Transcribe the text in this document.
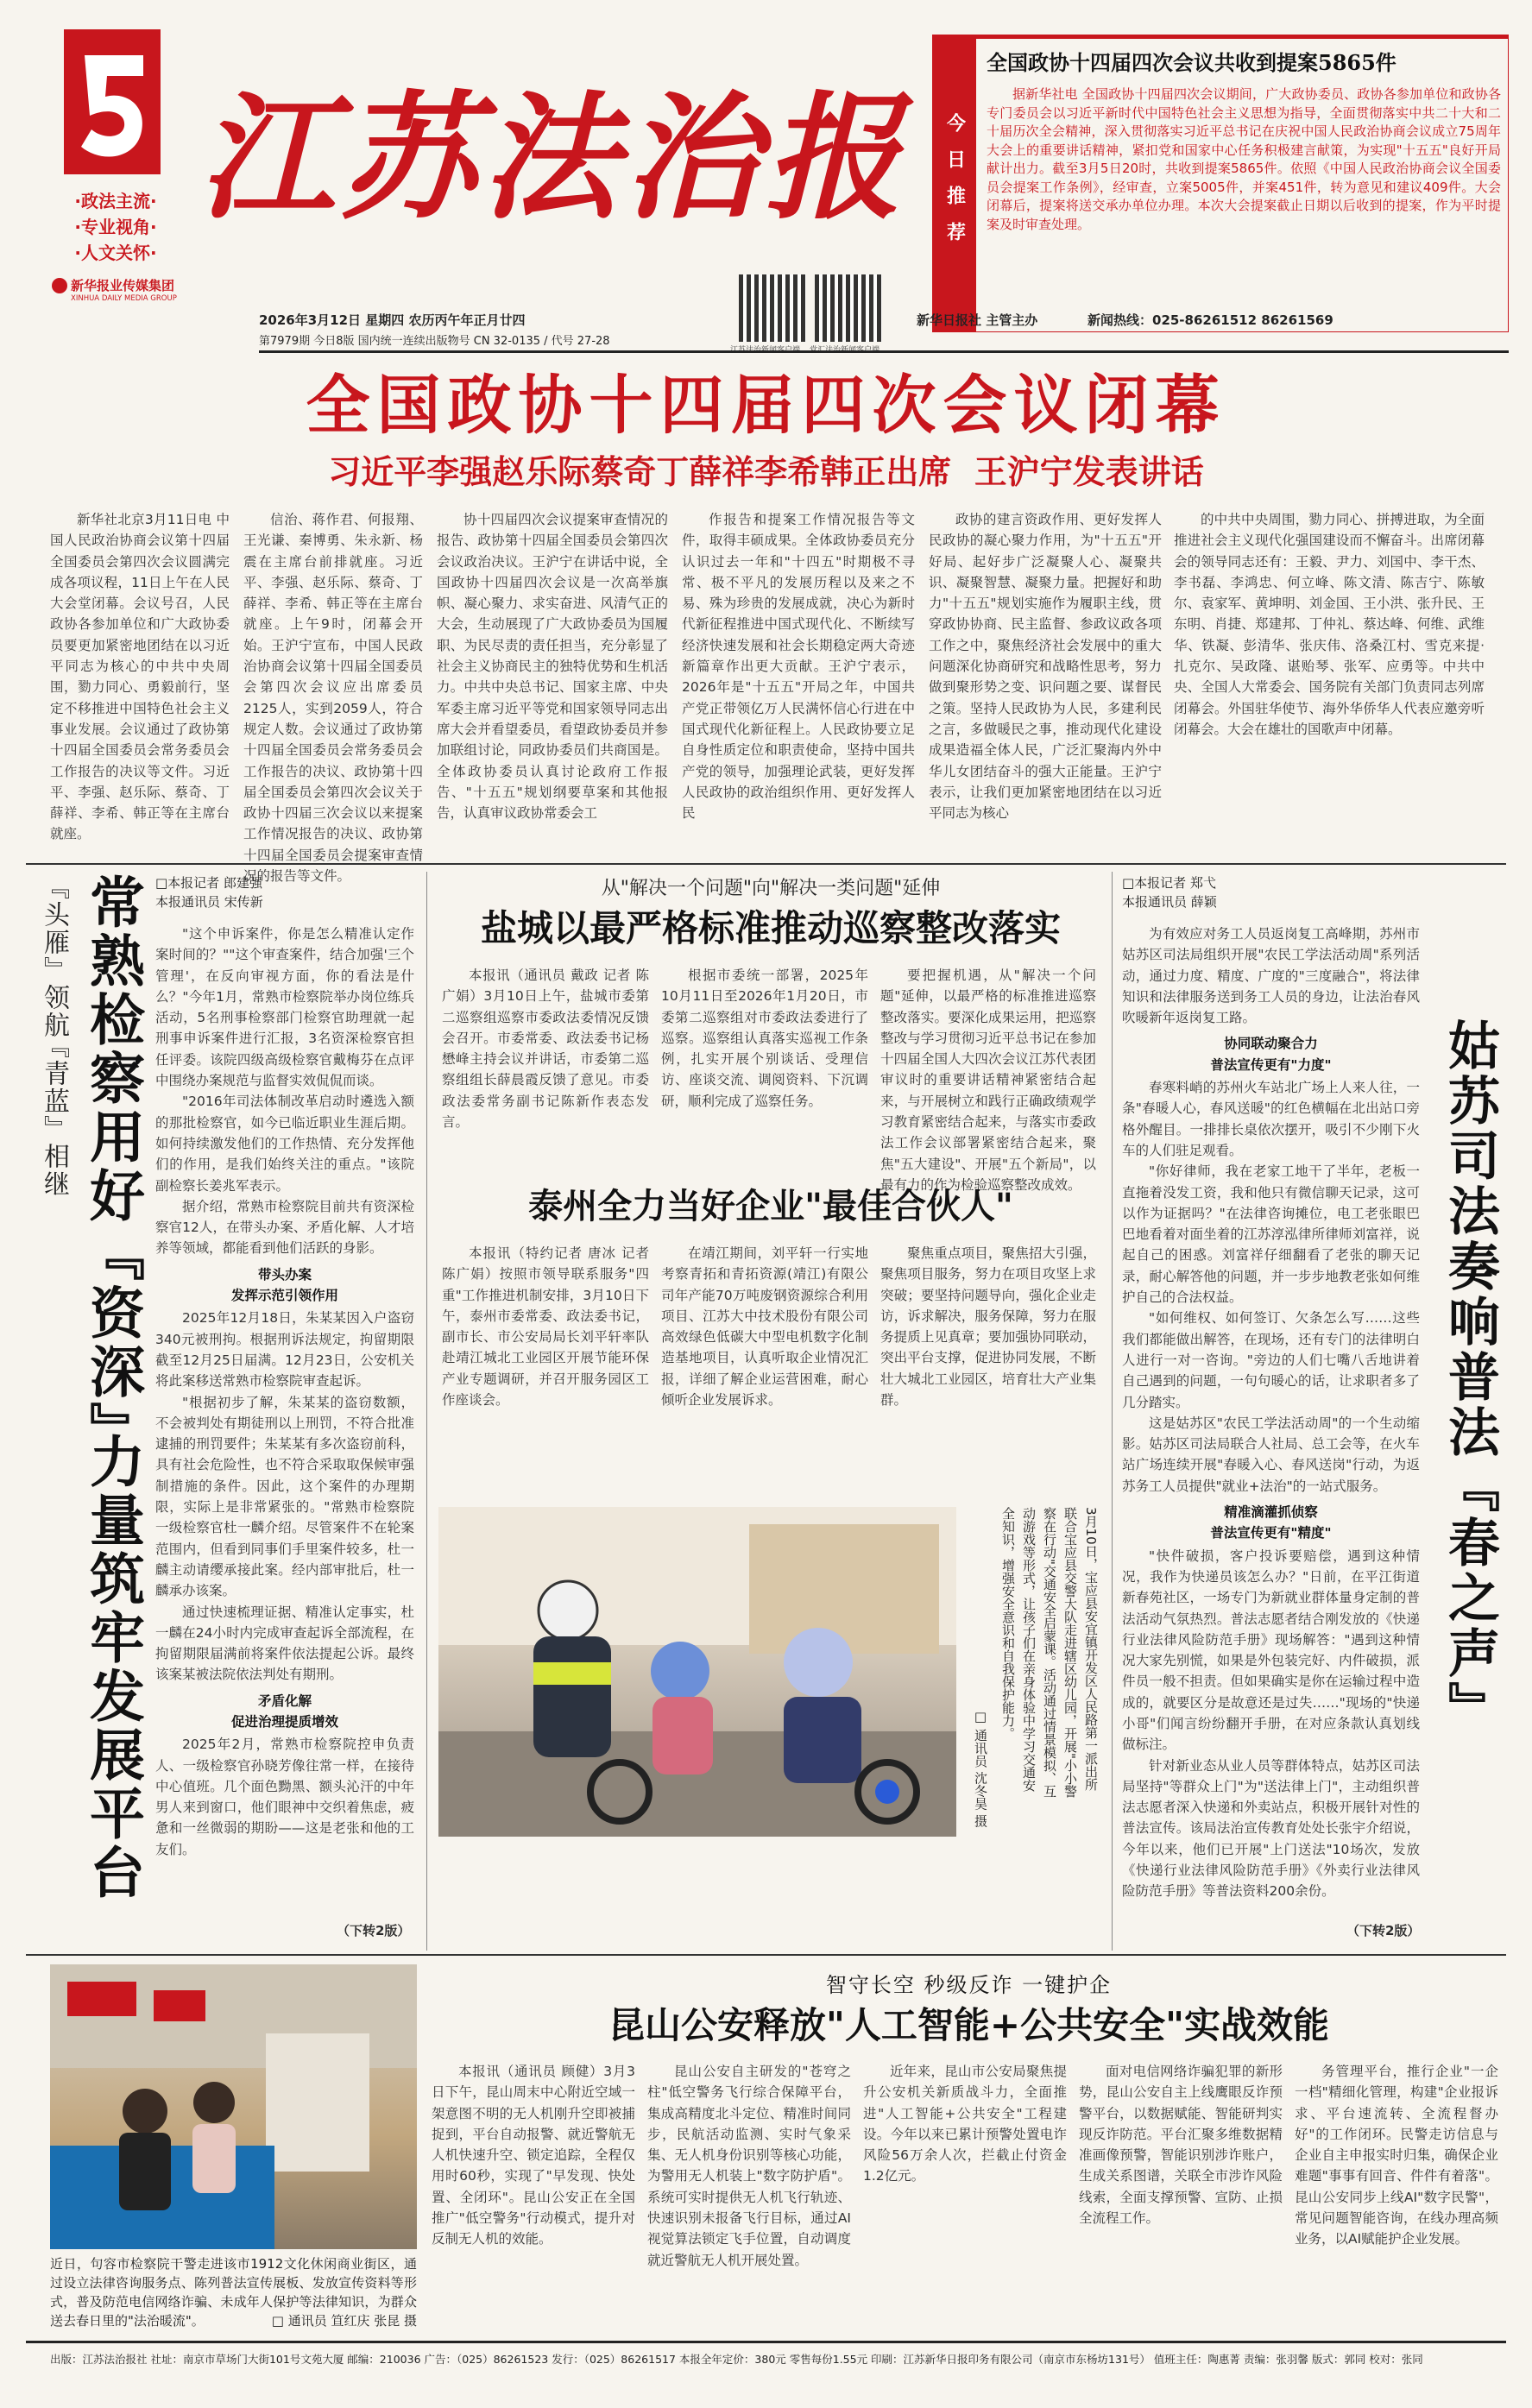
·政法主流·
·专业视角·
·人文关怀·
江苏法治报
新华报业传媒集团
XINHUA DAILY MEDIA GROUP
今日推荐
全国政协十四届四次会议共收到提案5865件
据新华社电 全国政协十四届四次会议期间，广大政协委员、政协各参加单位和政协各专门委员会以习近平新时代中国特色社会主义思想为指导，全面贯彻落实中共二十大和二十届历次全会精神，深入贯彻落实习近平总书记在庆祝中国人民政治协商会议成立75周年大会上的重要讲话精神，紧扣党和国家中心任务积极建言献策，为实现"十五五"良好开局献计出力。截至3月5日20时，共收到提案5865件。依照《中国人民政治协商会议全国委员会提案工作条例》，经审查，立案5005件，并案451件，转为意见和建议409件。大会闭幕后，提案将送交承办单位办理。本次大会提案截止日期以后收到的提案，作为平时提案及时审查处理。
2026年3月12日 星期四 农历丙午年正月廿四	新华日报社 主管主办	新闻热线：025-86261512 86261569
第7979期 今日8版 国内统一连续出版物号 CN 32-0135 / 代号 27-28
全国政协十四届四次会议闭幕
习近平李强赵乐际蔡奇丁薛祥李希韩正出席  王沪宁发表讲话

新华社北京3月11日电 中国人民政治协商会议第十四届全国委员会第四次会议圆满完成各项议程，11日上午在人民大会堂闭幕。会议号召，人民政协各参加单位和广大政协委员要更加紧密地团结在以习近平同志为核心的中共中央周围，勠力同心、勇毅前行，坚定不移推进中国特色社会主义事业发展。会议通过了政协第十四届全国委员会常务委员会工作报告的决议等文件。习近平、李强、赵乐际、蔡奇、丁薛祥、李希、韩正等在主席台就座。

信治、蒋作君、何报翔、王光谦、秦博勇、朱永新、杨震在主席台前排就座。习近平、李强、赵乐际、蔡奇、丁薛祥、李希、韩正等在主席台就座。上午9时，闭幕会开始。王沪宁宣布，中国人民政治协商会议第十四届全国委员会第四次会议应出席委员2125人，实到2059人，符合规定人数。会议通过了政协第十四届全国委员会常务委员会工作报告的决议、政协第十四届全国委员会第四次会议关于政协十四届三次会议以来提案工作情况报告的决议、政协第十四届全国委员会提案审查情况的报告等文件。

协十四届四次会议提案审查情况的报告、政协第十四届全国委员会第四次会议政治决议。王沪宁在讲话中说，全国政协十四届四次会议是一次高举旗帜、凝心聚力、求实奋进、风清气正的大会，生动展现了广大政协委员为国履职、为民尽责的责任担当，充分彰显了社会主义协商民主的独特优势和生机活力。中共中央总书记、国家主席、中央军委主席习近平等党和国家领导同志出席大会并看望委员，看望政协委员并参加联组讨论，同政协委员们共商国是。全体政协委员认真讨论政府工作报告、"十五五"规划纲要草案和其他报告，认真审议政协常委会工

作报告和提案工作情况报告等文件，取得丰硕成果。全体政协委员充分认识过去一年和"十四五"时期极不寻常、极不平凡的发展历程以及来之不易、殊为珍贵的发展成就，决心为新时代新征程推进中国式现代化、不断续写经济快速发展和社会长期稳定两大奇迹新篇章作出更大贡献。王沪宁表示，2026年是"十五五"开局之年，中国共产党正带领亿万人民满怀信心行进在中国式现代化新征程上。人民政协要立足自身性质定位和职责使命，坚持中国共产党的领导，加强理论武装，更好发挥人民政协的政治组织作用、更好发挥人民

政协的建言资政作用、更好发挥人民政协的凝心聚力作用，为"十五五"开好局、起好步广泛凝聚人心、凝聚共识、凝聚智慧、凝聚力量。把握好和助力"十五五"规划实施作为履职主线，贯穿政协协商、民主监督、参政议政各项工作之中，聚焦经济社会发展中的重大问题深化协商研究和战略性思考，努力做到聚形势之变、识问题之要、谋督民之策。坚持人民政协为人民，多建利民之言，多做暖民之事，推动现代化建设成果造福全体人民，广泛汇聚海内外中华儿女团结奋斗的强大正能量。王沪宁表示，让我们更加紧密地团结在以习近平同志为核心

的中共中央周围，勠力同心、拼搏进取，为全面推进社会主义现代化强国建设而不懈奋斗。出席闭幕会的领导同志还有：王毅、尹力、刘国中、李干杰、李书磊、李鸿忠、何立峰、陈文清、陈吉宁、陈敏尔、袁家军、黄坤明、刘金国、王小洪、张升民、王东明、肖捷、郑建邦、丁仲礼、蔡达峰、何维、武维华、铁凝、彭清华、张庆伟、洛桑江村、雪克来提·扎克尔、吴政隆、谌贻琴、张军、应勇等。中共中央、全国人大常委会、国务院有关部门负责同志列席闭幕会。外国驻华使节、海外华侨华人代表应邀旁听闭幕会。大会在雄壮的国歌声中闭幕。

『头雁』领航
『青蓝』相继 常熟检察用好『资深』
力量筑牢发展平台
□本报记者 郎建强
本报通讯员 宋传新

"这个申诉案件，你是怎么精准认定作案时间的？""这个审查案件，结合加强'三个管理'，在反向审视方面，你的看法是什么？"今年1月，常熟市检察院举办岗位练兵活动，5名刑事检察部门检察官助理就一起刑事申诉案件进行汇报，3名资深检察官担任评委。该院四级高级检察官戴梅芬在点评中围绕办案规范与监督实效侃侃而谈。

"2016年司法体制改革启动时遴选入额的那批检察官，如今已临近职业生涯后期。如何持续激发他们的工作热情、充分发挥他们的作用，是我们始终关注的重点。"该院副检察长姜兆军表示。

据介绍，常熟市检察院目前共有资深检察官12人，在带头办案、矛盾化解、人才培养等领域，都能看到他们活跃的身影。

带头办案
发挥示范引领作用

2025年12月18日，朱某某因入户盗窃340元被刑拘。根据刑诉法规定，拘留期限截至12月25日届满。12月23日，公安机关将此案移送常熟市检察院审查起诉。

"根据初步了解，朱某某的盗窃数额，不会被判处有期徒刑以上刑罚，不符合批准逮捕的刑罚要件；朱某某有多次盗窃前科，具有社会危险性，也不符合采取取保候审强制措施的条件。因此，这个案件的办理期限，实际上是非常紧张的。"常熟市检察院一级检察官杜一麟介绍。尽管案件不在轮案范围内，但看到同事们手里案件较多，杜一麟主动请缨承接此案。经内部审批后，杜一麟承办该案。

通过快速梳理证据、精准认定事实，杜一麟在24小时内完成审查起诉全部流程，在拘留期限届满前将案件依法提起公诉。最终该案某被法院依法判处有期刑。

矛盾化解
促进治理提质增效

2025年2月，常熟市检察院控申负责人、一级检察官孙晓芳像往常一样，在接待中心值班。几个面色黝黑、额头沁汗的中年男人来到窗口，他们眼神中交织着焦虑，疲惫和一丝微弱的期盼——这是老张和他的工友们。

（下转2版）
从"解决一个问题"向"解决一类问题"延伸
盐城以最严格标准推动巡察整改落实

本报讯（通讯员 戴政 记者 陈广娟）3月10日上午，盐城市委第二巡察组巡察市委政法委情况反馈会召开。市委常委、政法委书记杨懋峰主持会议并讲话，市委第二巡察组组长薛晨霞反馈了意见。市委政法委常务副书记陈新作表态发言。

根据市委统一部署，2025年10月11日至2026年1月20日，市委第二巡察组对市委政法委进行了巡察。巡察组认真落实巡视工作条例，扎实开展个别谈话、受理信访、座谈交流、调阅资料、下沉调研，顺利完成了巡察任务。

要把握机遇，从"解决一个问题"延伸，以最严格的标准推进巡察整改落实。要深化成果运用，把巡察整改与学习贯彻习近平总书记在参加十四届全国人大四次会议江苏代表团审议时的重要讲话精神紧密结合起来，与开展树立和践行正确政绩观学习教育紧密结合起来，与落实市委政法工作会议部署紧密结合起来，聚焦"五大建设"、开展"五个新局"，以最有力的作为检验巡察整改成效。

泰州全力当好企业"最佳合伙人"

本报讯（特约记者 唐冰 记者 陈广娟）按照市领导联系服务"四重"工作推进机制安排，3月10日下午，泰州市委常委、政法委书记，副市长、市公安局局长刘平轩率队赴靖江城北工业园区开展节能环保产业专题调研，并召开服务园区工作座谈会。

在靖江期间，刘平轩一行实地考察青拓和青拓资源(靖江)有限公司年产能70万吨废钢资源综合利用项目、江苏大中技术股份有限公司高效绿色低碳大中型电机数字化制造基地项目，认真听取企业情况汇报，详细了解企业运营困难，耐心倾听企业发展诉求。

聚焦重点项目，聚焦招大引强，聚焦项目服务，努力在项目攻坚上求突破；要坚持问题导向，强化企业走访，诉求解决，服务保障，努力在服务提质上见真章；要加强协同联动，突出平台支撑，促进协同发展，不断壮大城北工业园区，培育壮大产业集群。

3月10日，宝应县安宜镇开发区人民路第一派出所联合宝应县交警大队走进辖区幼儿园，开展"小小警察在行动"交通安全启蒙课。活动通过情景模拟、互动游戏等形式，让孩子们在亲身体验中学习交通安全知识，增强安全意识和自我保护能力。
□ 通讯员 沈冬昊 摄
□本报记者 郑弋
本报通讯员 薛颖

为有效应对务工人员返岗复工高峰期，苏州市姑苏区司法局组织开展"农民工学法活动周"系列活动，通过力度、精度、广度的"三度融合"，将法律知识和法律服务送到务工人员的身边，让法治春风吹暖新年返岗复工路。

协同联动聚合力
普法宣传更有"力度"

春寒料峭的苏州火车站北广场上人来人往，一条"春暖人心，春风送暖"的红色横幅在北出站口旁格外醒目。一排排长桌依次摆开，吸引不少刚下火车的人们驻足观看。

"你好律师，我在老家工地干了半年，老板一直拖着没发工资，我和他只有微信聊天记录，这可以作为证据吗？"在法律咨询摊位，电工老张眼巴巴地看着对面坐着的江苏淳泓律所律师刘富祥，说起自己的困惑。刘富祥仔细翻看了老张的聊天记录，耐心解答他的问题，并一步步地教老张如何维护自己的合法权益。

"如何维权、如何签订、欠条怎么写……这些我们都能做出解答，在现场，还有专门的法律明白人进行一对一咨询。"旁边的人们七嘴八舌地讲着自己遇到的问题，一句句暖心的话，让求职者多了几分踏实。

这是姑苏区"农民工学法活动周"的一个生动缩影。姑苏区司法局联合人社局、总工会等，在火车站广场连续开展"春暖入心、春风送岗"行动，为返苏务工人员提供"就业+法治"的一站式服务。

精准滴灌抓侦察
普法宣传更有"精度"

"快件破损，客户投诉要赔偿，遇到这种情况，我作为快递员该怎么办？"日前，在平江街道新春苑社区，一场专门为新就业群体量身定制的普法活动气氛热烈。普法志愿者结合刚发放的《快递行业法律风险防范手册》现场解答："遇到这种情况大家先别慌，如果是外包装完好、内件破损，派件员一般不担责。但如果确实是你在运输过程中造成的，就要区分是故意还是过失……"现场的"快递小哥"们闻言纷纷翻开手册，在对应条款认真划线做标注。

针对新业态从业人员等群体特点，姑苏区司法局坚持"等群众上门"为"送法律上门"，主动组织普法志愿者深入快递和外卖站点，积极开展针对性的普法宣传。该局法治宣传教育处处长张宇介绍说，今年以来，他们已开展"上门送法"10场次，发放《快递行业法律风险防范手册》《外卖行业法律风险防范手册》等普法资料200余份。

（下转2版）
姑苏司法奏响普法『春之声』
近日，句容市检察院干警走进该市1912文化休闲商业街区，通过设立法律咨询服务点、陈列普法宣传展板、发放宣传资料等形式，普及防范电信网络诈骗、未成年人保护等法律知识，为群众送去春日里的"法治暖流"。	□ 通讯员 笪红庆 张昆 摄
智守长空 秒级反诈 一键护企
昆山公安释放"人工智能+公共安全"实战效能

本报讯（通讯员 顾健）3月3日下午，昆山周末中心附近空域一架意图不明的无人机刚升空即被捕捉到，平台自动报警、就近警航无人机快速升空、锁定追踪，全程仅用时60秒，实现了"早发现、快处置、全闭环"。昆山公安正在全国推广"低空警务"行动模式，提升对反制无人机的效能。

昆山公安自主研发的"苍穹之柱"低空警务飞行综合保障平台，集成高精度北斗定位、精准时间同步，民航活动监测、实时气象采集、无人机身份识别等核心功能，为警用无人机装上"数字防护盾"。系统可实时提供无人机飞行轨迹、快速识别未报备飞行目标，通过AI视觉算法锁定飞手位置，自动调度就近警航无人机开展处置。

近年来，昆山市公安局聚焦提升公安机关新质战斗力，全面推进"人工智能+公共安全"工程建设。今年以来已累计预警处置电诈风险56万余人次，拦截止付资金1.2亿元。

面对电信网络诈骗犯罪的新形势，昆山公安自主上线鹰眼反诈预警平台，以数据赋能、智能研判实现反诈防范。平台汇聚多维数据精准画像预警，智能识别涉诈账户，生成关系图谱，关联全市涉诈风险线索，全面支撑预警、宣防、止损全流程工作。

务管理平台，推行企业"一企一档"精细化管理，构建"企业报诉求、平台速流转、全流程督办好"的工作闭环。民警走访信息与企业自主申报实时归集，确保企业难题"事事有回音、件件有着落"。昆山公安同步上线AI"数字民警"，常见问题智能咨询，在线办理高频业务，以AI赋能护企业发展。

出版：江苏法治报社 社址：南京市草场门大街101号文苑大厦 邮编：210036 广告：（025）86261523 发行：（025）86261517 本报全年定价：380元 零售每份1.55元 印刷：江苏新华日报印务有限公司（南京市东杨坊131号） 值班主任：陶惠菁 责编：张羽馨 版式：郭同 校对：张同
